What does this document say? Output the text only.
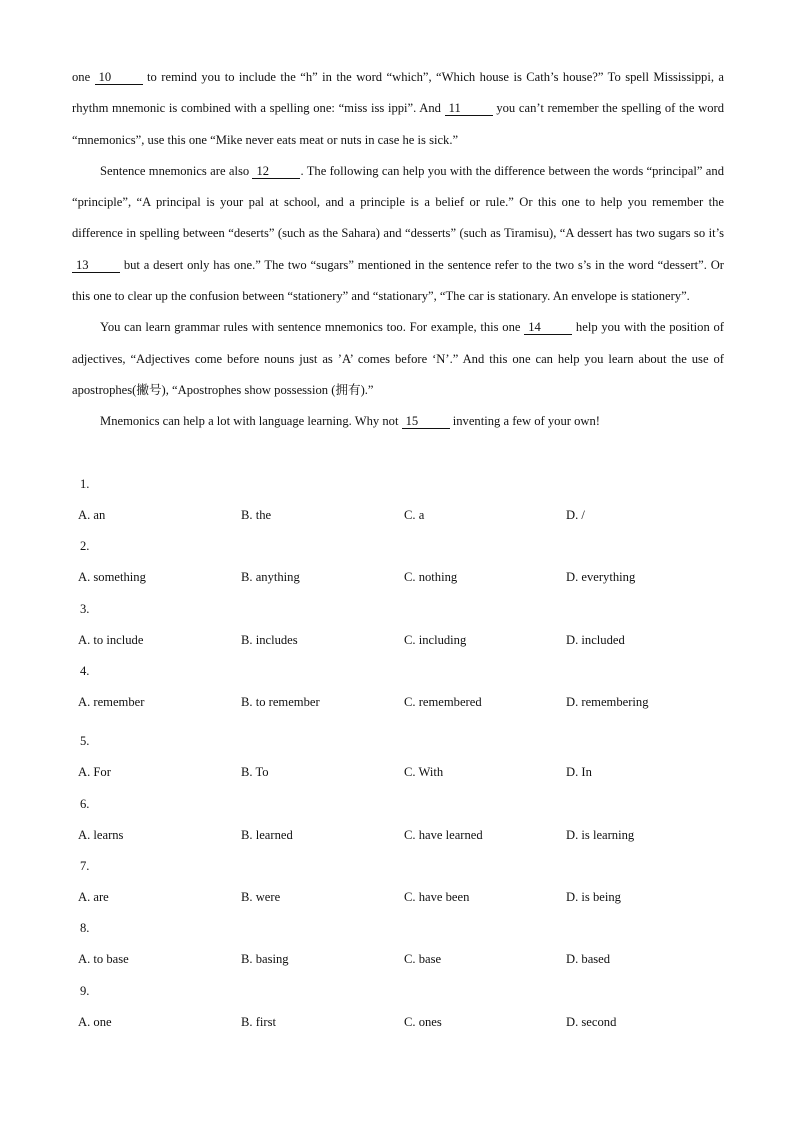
one 10 to remind you to include the “h” in the word “which”, “Which house is Cath’s house?” To spell Mississippi, a rhythm mnemonic is combined with a spelling one: “miss iss ippi”. And 11	you can’t remember the spelling of the word “mnemonics”, use this one “Mike never eats meat or nuts in case he is sick.”

Sentence mnemonics are also 12 . The following can help you with the difference between the words “principal” and “principle”, “A principal is your pal at school, and a principle is a belief or rule.” Or this one to help you remember the difference in spelling between “deserts” (such as the Sahara) and “desserts” (such as Tiramisu), “A dessert has two sugars so it’s 13 but a desert only has one.” The two “sugars” mentioned in the sentence refer to the two s’s in the word “dessert”. Or this one to clear up the confusion between “stationery” and “stationary”, “The car is stationary. An envelope is stationery”.

You can learn grammar rules with sentence mnemonics too. For example, this one 14 help you with the position of adjectives, “Adjectives come before nouns just as ’A’ comes before ‘N’.” And this one can help you learn about the use of apostrophes(撇号), “Apostrophes show possession (拥有).”

Mnemonics can help a lot with language learning. Why not 15 inventing a few of your own!

1.
A. an	B. the	C. a	D. /
2.
A. something	B. anything	C. nothing	D. everything
3.
A. to include	B. includes	C. including	D. included
4.
A. remember	B. to remember	C. remembered	D. remembering
5.
A. For	B. To	C. With	D. In
6.
A. learns	B. learned	C. have learned	D. is learning
7.
A. are	B. were	C. have been	D. is being
8.
A. to base	B. basing	C. base	D. based
9.
A. one	B. first	C. ones	D. second
